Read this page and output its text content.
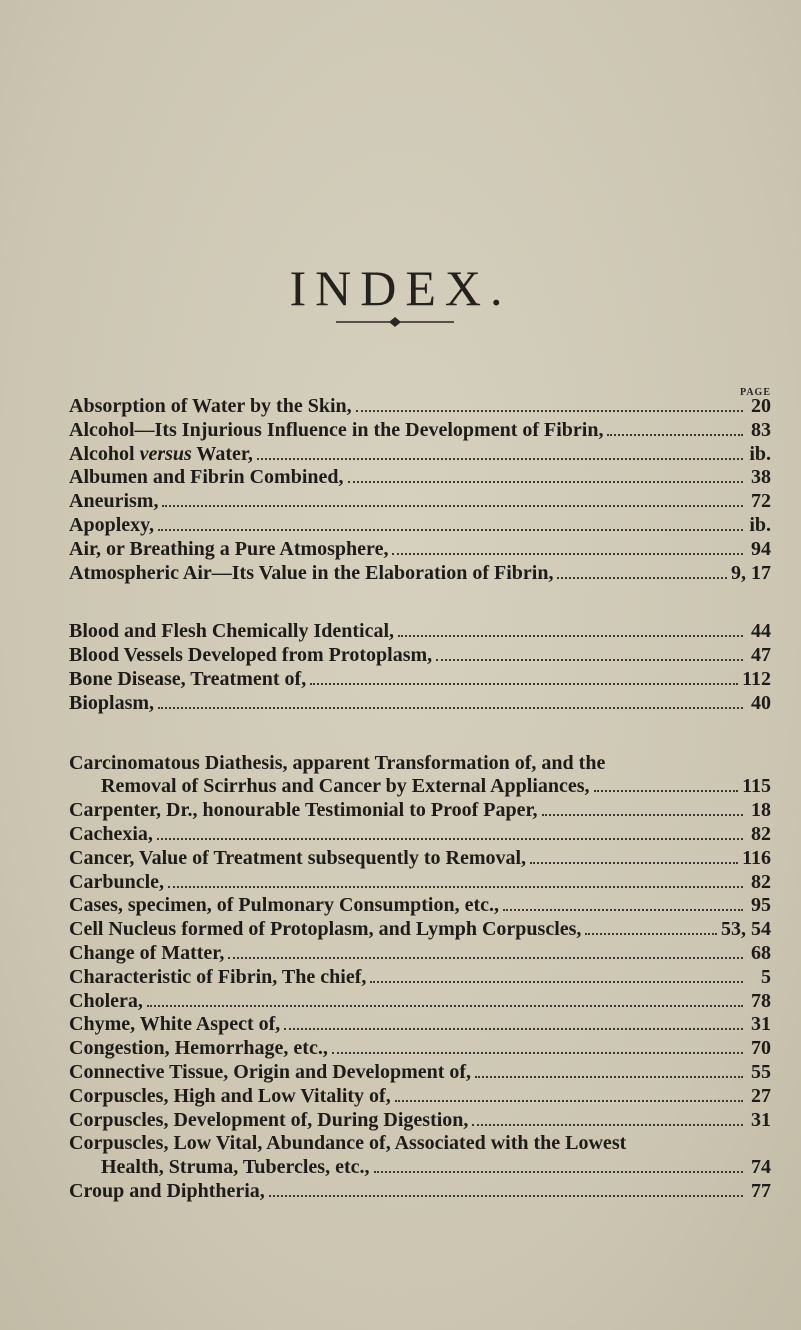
INDEX.
PAGE
Absorption of Water by the Skin,	20
Alcohol—Its Injurious Influence in the Development of Fibrin,	83
Alcohol versus Water,	ib.
Albumen and Fibrin Combined,	38
Aneurism,	72
Apoplexy,	ib.
Air, or Breathing a Pure Atmosphere,	94
Atmospheric Air—Its Value in the Elaboration of Fibrin,	9, 17
Blood and Flesh Chemically Identical,	44
Blood Vessels Developed from Protoplasm,	47
Bone Disease, Treatment of,	112
Bioplasm,	40
Carcinomatous Diathesis, apparent Transformation of, and the
Removal of Scirrhus and Cancer by External Appliances,	115
Carpenter, Dr., honourable Testimonial to Proof Paper,	18
Cachexia,	82
Cancer, Value of Treatment subsequently to Removal,	116
Carbuncle,	82
Cases, specimen, of Pulmonary Consumption, etc.,	95
Cell Nucleus formed of Protoplasm, and Lymph Corpuscles,	53, 54
Change of Matter,	68
Characteristic of Fibrin, The chief,	5
Cholera,	78
Chyme, White Aspect of,	31
Congestion, Hemorrhage, etc.,	70
Connective Tissue, Origin and Development of,	55
Corpuscles, High and Low Vitality of,	27
Corpuscles, Development of, During Digestion,	31
Corpuscles, Low Vital, Abundance of, Associated with the Lowest
Health, Struma, Tubercles, etc.,	74
Croup and Diphtheria,	77
